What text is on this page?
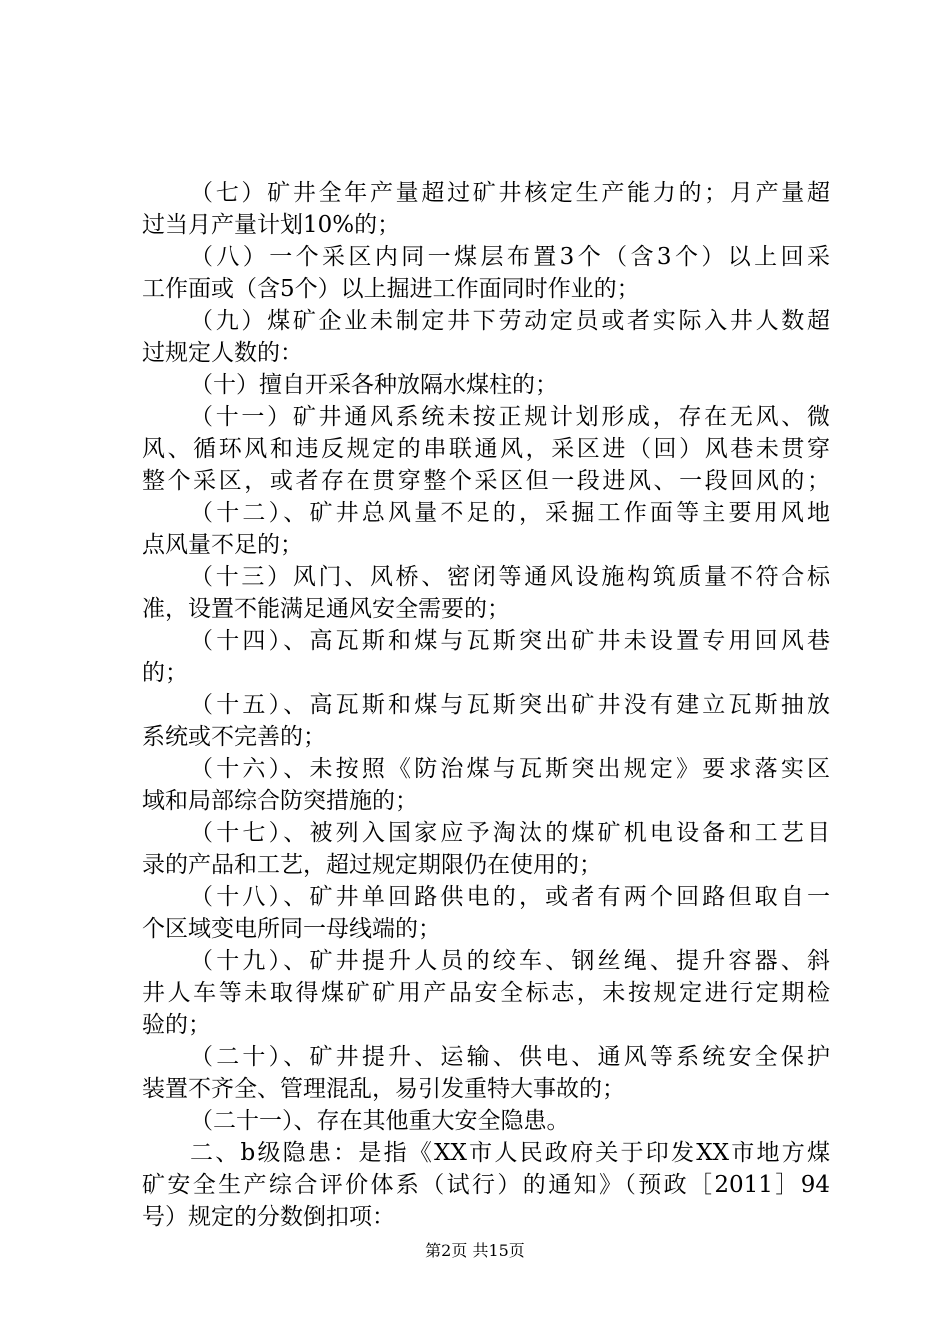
（七）矿井全年产量超过矿井核定生产能力的；月产量超
过当月产量计划10%的；
（八）一个采区内同一煤层布置3个（含3个）以上回采
工作面或（含5个）以上掘进工作面同时作业的；
（九）煤矿企业未制定井下劳动定员或者实际入井人数超
过规定人数的：
（十）擅自开采各种放隔水煤柱的；
（十一）矿井通风系统未按正规计划形成，存在无风、微
风、循环风和违反规定的串联通风，采区进（回）风巷未贯穿
整个采区，或者存在贯穿整个采区但一段进风、一段回风的；
（十二）、矿井总风量不足的，采掘工作面等主要用风地
点风量不足的；
（十三）风门、风桥、密闭等通风设施构筑质量不符合标
准，设置不能满足通风安全需要的；
（十四）、高瓦斯和煤与瓦斯突出矿井未设置专用回风巷
的；
（十五）、高瓦斯和煤与瓦斯突出矿井没有建立瓦斯抽放
系统或不完善的；
（十六）、未按照《防治煤与瓦斯突出规定》要求落实区
域和局部综合防突措施的；
（十七）、被列入国家应予淘汰的煤矿机电设备和工艺目
录的产品和工艺，超过规定期限仍在使用的；
（十八）、矿井单回路供电的，或者有两个回路但取自一
个区域变电所同一母线端的；
（十九）、矿井提升人员的绞车、钢丝绳、提升容器、斜
井人车等未取得煤矿矿用产品安全标志，未按规定进行定期检
验的；
（二十）、矿井提升、运输、供电、通风等系统安全保护
装置不齐全、管理混乱，易引发重特大事故的；
（二十一）、存在其他重大安全隐患。
二、b级隐患：是指《XX市人民政府关于印发XX市地方煤
矿安全生产综合评价体系（试行）的通知》（预政［2011］94
号）规定的分数倒扣项：
第2页 共15页
